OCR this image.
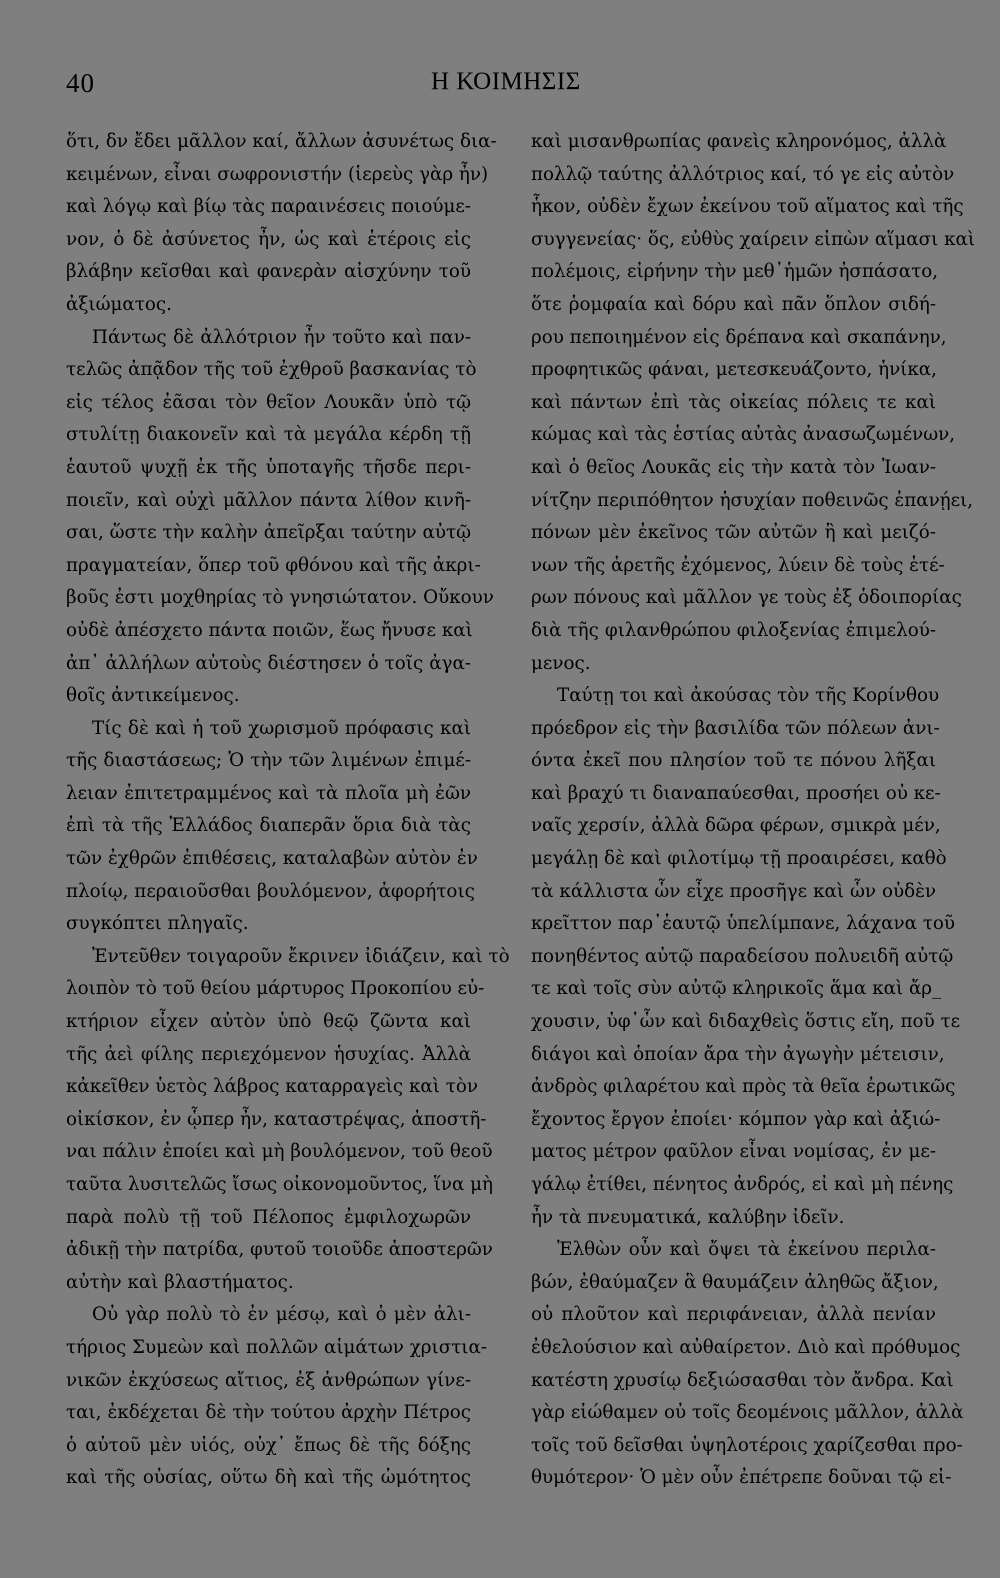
40	Η ΚΟΙΜΗΣΙΣ
ὅτι, δν ἔδει μᾶλλον καί, ἄλλων ἀσυνέτως δια-
κειμένων, εἶναι σωφρονιστήν (ἱερεὺς γὰρ ἦν)
καὶ λόγῳ καὶ βίῳ τὰς παραινέσεις ποιούμε-
νον, ὁ δὲ ἀσύνετος ἦν, ὡς καὶ ἑτέροις εἰς
βλάβην κεῖσθαι καὶ φανερὰν αἰσχύνην τοῦ
ἀξιώματος.
Πάντως δὲ ἀλλότριον ἦν τοῦτο καὶ παν-
τελῶς ἀπᾷδον τῆς τοῦ ἐχθροῦ βασκανίας τὸ
εἰς τέλος ἐᾶσαι τὸν θεῖον Λουκᾶν ὑπὸ τῷ
στυλίτῃ διακονεῖν καὶ τὰ μεγάλα κέρδη τῇ
ἑαυτοῦ ψυχῇ ἐκ τῆς ὑποταγῆς τῆσδε περι-
ποιεῖν, καὶ οὐχὶ μᾶλλον πάντα λίθον κινῆ-
σαι, ὥστε τὴν καλὴν ἀπεῖρξαι ταύτην αὐτῷ
πραγματείαν, ὅπερ τοῦ φθόνου καὶ τῆς ἀκρι-
βοῦς ἐστι μοχθηρίας τὸ γνησιώτατον. Οὔκουν
οὐδὲ ἀπέσχετο πάντα ποιῶν, ἕως ἤνυσε καὶ
ἀπ᾽ ἀλλήλων αὐτοὺς διέστησεν ὁ τοῖς ἀγα-
θοῖς ἀντικείμενος.
Τίς δὲ καὶ ἡ τοῦ χωρισμοῦ πρόφασις καὶ
τῆς διαστάσεως; Ὁ τὴν τῶν λιμένων ἐπιμέ-
λειαν ἐπιτετραμμένος καὶ τὰ πλοῖα μὴ ἐῶν
ἐπὶ τὰ τῆς Ἑλλάδος διαπερᾶν ὅρια διὰ τὰς
τῶν ἐχθρῶν ἐπιθέσεις, καταλαβὼν αὐτὸν ἐν
πλοίῳ, περαιοῦσθαι βουλόμενον, ἀφορήτοις
συγκόπτει πληγαῖς.
Ἐντεῦθεν τοιγαροῦν ἔκρινεν ἰδιάζειν, καὶ τὸ
λοιπὸν τὸ τοῦ θείου μάρτυρος Προκοπίου εὐ-
κτήριον εἶχεν αὐτὸν ὑπὸ θεῷ ζῶντα καὶ
τῆς ἀεὶ φίλης περιεχόμενον ἡσυχίας. Ἀλλὰ
κἀκεῖθεν ὑετὸς λάβρος καταρραγεὶς καὶ τὸν
οἰκίσκον, ἐν ᾧπερ ἦν, καταστρέψας, ἀποστῆ-
ναι πάλιν ἐποίει καὶ μὴ βουλόμενον, τοῦ θεοῦ
ταῦτα λυσιτελῶς ἴσως οἰκονομοῦντος, ἵνα μὴ
παρὰ πολὺ τῇ τοῦ Πέλοπος ἐμφιλοχωρῶν
ἀδικῇ τὴν πατρίδα, φυτοῦ τοιοῦδε ἀποστερῶν
αὐτὴν καὶ βλαστήματος.
Οὐ γὰρ πολὺ τὸ ἐν μέσῳ, καὶ ὁ μὲν ἀλι-
τήριος Συμεὼν καὶ πολλῶν αἱμάτων χριστια-
νικῶν ἐκχύσεως αἴτιος, ἐξ ἀνθρώπων γίνε-
ται, ἐκδέχεται δὲ τὴν τούτου ἀρχὴν Πέτρος
ὁ αὐτοῦ μὲν υἱός, οὐχ᾽ ἔπως δὲ τῆς δόξης
καὶ τῆς οὐσίας, οὕτω δὴ καὶ τῆς ὠμότητος
καὶ μισανθρωπίας φανεὶς κληρονόμος, ἀλλὰ
πολλῷ ταύτης ἀλλότριος καί, τό γε εἰς αὐτὸν
ἧκον, οὐδὲν ἔχων ἐκείνου τοῦ αἵματος καὶ τῆς
συγγενείας· ὅς, εὐθὺς χαίρειν εἰπὼν αἵμασι καὶ
πολέμοις, εἰρήνην τὴν μεθ᾽ἡμῶν ἠσπάσατο,
ὅτε ῥομφαία καὶ δόρυ καὶ πᾶν ὅπλον σιδή-
ρου πεποιημένον εἰς δρέπανα καὶ σκαπάνην,
προφητικῶς φάναι, μετεσκευάζοντο, ἡνίκα,
καὶ πάντων ἐπὶ τὰς οἰκείας πόλεις τε καὶ
κώμας καὶ τὰς ἑστίας αὐτὰς ἀνασωζωμένων,
καὶ ὁ θεῖος Λουκᾶς εἰς τὴν κατὰ τὸν Ἰωαν-
νίτζην περιπόθητον ἡσυχίαν ποθεινῶς ἐπανῄει,
πόνων μὲν ἐκεῖνος τῶν αὐτῶν ἢ καὶ μειζό-
νων τῆς ἀρετῆς ἐχόμενος, λύειν δὲ τοὺς ἑτέ-
ρων πόνους καὶ μᾶλλον γε τοὺς ἐξ ὁδοιπορίας
διὰ τῆς φιλανθρώπου φιλοξενίας ἐπιμελού-
μενος.
Ταύτῃ τοι καὶ ἀκούσας τὸν τῆς Κορίνθου
πρόεδρον εἰς τὴν βασιλίδα τῶν πόλεων ἀνι-
όντα ἐκεῖ που πλησίον τοῦ τε πόνου λῆξαι
καὶ βραχύ τι διαναπαύεσθαι, προσήει οὐ κε-
ναῖς χερσίν, ἀλλὰ δῶρα φέρων, σμικρὰ μέν,
μεγάλῃ δὲ καὶ φιλοτίμῳ τῇ προαιρέσει, καθὸ
τὰ κάλλιστα ὧν εἶχε προσῆγε καὶ ὧν οὐδὲν
κρεῖττον παρ᾽ἑαυτῷ ὑπελίμπανε, λάχανα τοῦ
πονηθέντος αὐτῷ παραδείσου πολυειδῆ αὐτῷ
τε καὶ τοῖς σὺν αὐτῷ κληρικοῖς ἅμα καὶ ἄρ_
χουσιν, ὑφ᾽ὧν καὶ διδαχθεὶς ὅστις εἴη, ποῦ τε
διάγοι καὶ ὁποίαν ἄρα τὴν ἀγωγὴν μέτεισιν,
ἀνδρὸς φιλαρέτου καὶ πρὸς τὰ θεῖα ἐρωτικῶς
ἔχοντος ἔργον ἐποίει· κόμπον γὰρ καὶ ἀξιώ-
ματος μέτρον φαῦλον εἶναι νομίσας, ἐν με-
γάλῳ ἐτίθει, πένητος ἀνδρός, εἰ καὶ μὴ πένης
ἦν τὰ πνευματικά, καλύβην ἰδεῖν.
Ἐλθὼν οὖν καὶ ὄψει τὰ ἐκείνου περιλα-
βών, ἐθαύμαζεν ἃ θαυμάζειν ἀληθῶς ἄξιον,
οὐ πλοῦτον καὶ περιφάνειαν, ἀλλὰ πενίαν
ἐθελούσιον καὶ αὐθαίρετον. Διὸ καὶ πρόθυμος
κατέστη χρυσίῳ δεξιώσασθαι τὸν ἄνδρα. Καὶ
γὰρ εἰώθαμεν οὐ τοῖς δεομένοις μᾶλλον, ἀλλὰ
τοῖς τοῦ δεῖσθαι ὑψηλοτέροις χαρίζεσθαι προ-
θυμότερον· Ὁ μὲν οὖν ἐπέτρεπε δοῦναι τῷ εἰ-
